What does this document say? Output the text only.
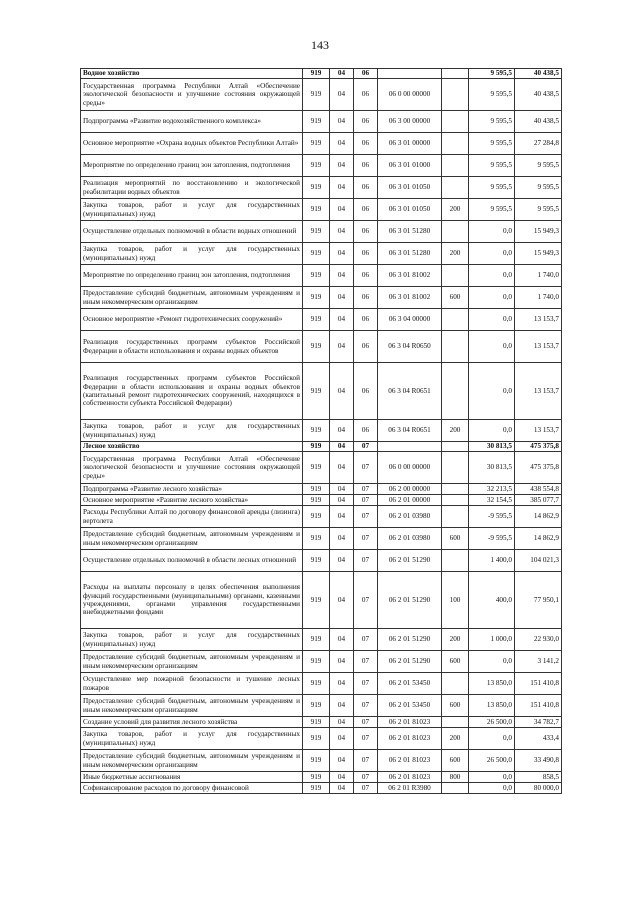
143
Водное хозяйство	919	04	06			9 595,5	40 438,5
Государственная программа Республики Алтай «Обеспечение экологической безопасности и улучшение состояния окружающей среды»	919	04	06	06 0 00 00000		9 595,5	40 438,5
Подпрограмма «Развитие водохозяйственного комплекса»	919	04	06	06 3 00 00000		9 595,5	40 438,5
Основное мероприятие «Охрана водных объектов Республики Алтай»	919	04	06	06 3 01 00000		9 595,5	27 284,8
Мероприятие по определению границ зон затопления, подтопления	919	04	06	06 3 01 01000		9 595,5	9 595,5
Реализация мероприятий по восстановлению и экологической реабилитации водных объектов	919	04	06	06 3 01 01050		9 595,5	9 595,5
Закупка товаров, работ и услуг для государственных (муниципальных) нужд	919	04	06	06 3 01 01050	200	9 595,5	9 595,5
Осуществление отдельных полномочий в области водных отношений	919	04	06	06 3 01 51280		0,0	15 949,3
Закупка товаров, работ и услуг для государственных (муниципальных) нужд	919	04	06	06 3 01 51280	200	0,0	15 949,3
Мероприятие по определению границ зон затопления, подтопления	919	04	06	06 3 01 81002		0,0	1 740,0
Предоставление субсидий бюджетным, автономным учреждениям и иным некоммерческим организациям	919	04	06	06 3 01 81002	600	0,0	1 740,0
Основное мероприятие «Ремонт гидротехнических сооружений»	919	04	06	06 3 04 00000		0,0	13 153,7
Реализация государственных программ субъектов Российской Федерации в области использования и охраны водных объектов	919	04	06	06 3 04 R0650		0,0	13 153,7
Реализация государственных программ субъектов Российской Федерации в области использования и охраны водных объектов (капитальный ремонт гидротехнических сооружений, находящихся в собственности субъекта Российской Федерации)	919	04	06	06 3 04 R0651		0,0	13 153,7
Закупка товаров, работ и услуг для государственных (муниципальных) нужд	919	04	06	06 3 04 R0651	200	0,0	13 153,7
Лесное хозяйство	919	04	07			30 813,5	475 375,8
Государственная программа Республики Алтай «Обеспечение экологической безопасности и улучшение состояния окружающей среды»	919	04	07	06 0 00 00000		30 813,5	475 375,8
Подпрограмма «Развитие лесного хозяйства»	919	04	07	06 2 00 00000		32 213,5	438 554,8
Основное мероприятие «Развитие лесного хозяйства»	919	04	07	06 2 01 00000		32 154,5	385 077,7
Расходы Республики Алтай по договору финансовой аренды (лизинга) вертолета	919	04	07	06 2 01 03980		-9 595,5	14 862,9
Предоставление субсидий бюджетным, автономным учреждениям и иным некоммерческим организациям	919	04	07	06 2 01 03980	600	-9 595,5	14 862,9
Осуществление отдельных полномочий в области лесных отношений	919	04	07	06 2 01 51290		1 400,0	104 021,3
Расходы на выплаты персоналу в целях обеспечения выполнения функций государственными (муниципальными) органами, казенными учреждениями, органами управления государственными внебюджетными фондами	919	04	07	06 2 01 51290	100	400,0	77 950,1
Закупка товаров, работ и услуг для государственных (муниципальных) нужд	919	04	07	06 2 01 51290	200	1 000,0	22 930,0
Предоставление субсидий бюджетным, автономным учреждениям и иным некоммерческим организациям	919	04	07	06 2 01 51290	600	0,0	3 141,2
Осуществление мер пожарной безопасности и тушение лесных пожаров	919	04	07	06 2 01 53450		13 850,0	151 410,8
Предоставление субсидий бюджетным, автономным учреждениям и иным некоммерческим организациям	919	04	07	06 2 01 53450	600	13 850,0	151 410,8
Создание условий для развития лесного хозяйства	919	04	07	06 2 01 81023		26 500,0	34 782,7
Закупка товаров, работ и услуг для государственных (муниципальных) нужд	919	04	07	06 2 01 81023	200	0,0	433,4
Предоставление субсидий бюджетным, автономным учреждениям и иным некоммерческим организациям	919	04	07	06 2 01 81023	600	26 500,0	33 490,8
Иные бюджетные ассигнования	919	04	07	06 2 01 81023	800	0,0	858,5
Софинансирование расходов по договору финансовой	919	04	07	06 2 01 R3980		0,0	80 000,0
